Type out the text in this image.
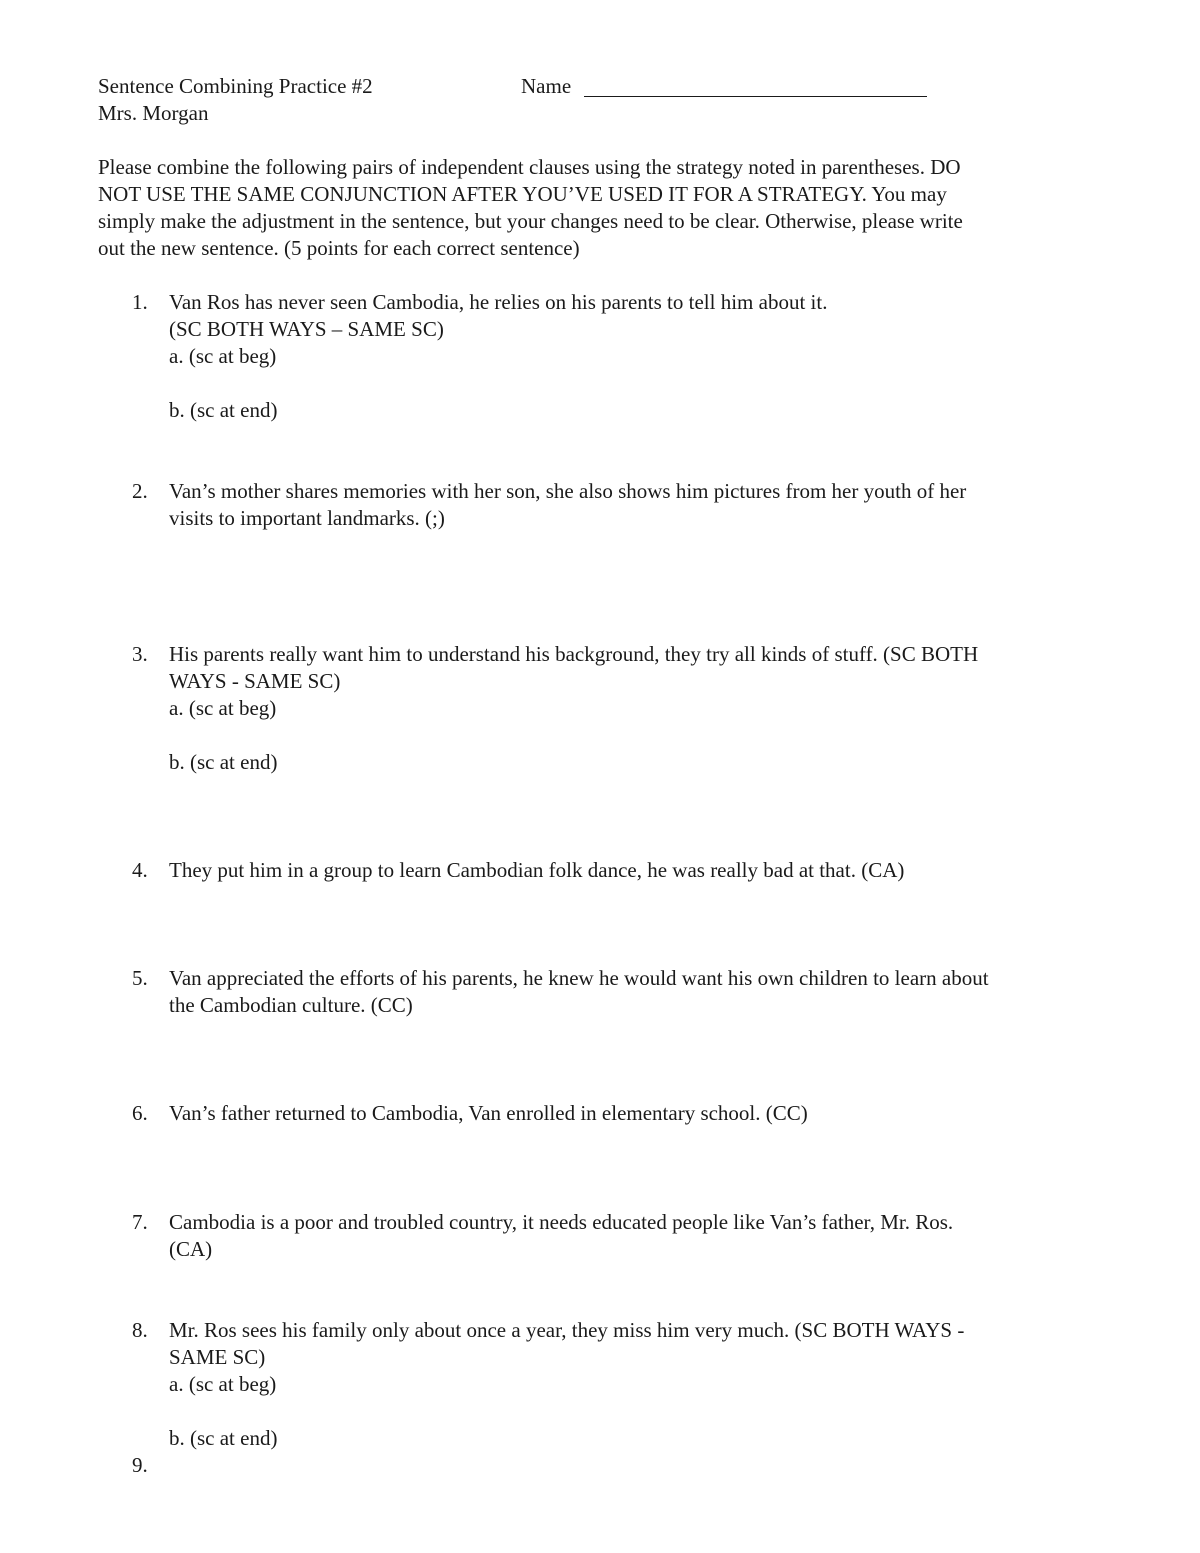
Sentence Combining Practice #2
Mrs. Morgan
Name
Please combine the following pairs of independent clauses using the strategy noted in parentheses. DO
NOT USE THE SAME CONJUNCTION AFTER YOU’VE USED IT FOR A STRATEGY. You may
simply make the adjustment in the sentence, but your changes need to be clear. Otherwise, please write
out the new sentence. (5 points for each correct sentence)
1.	Van Ros has never seen Cambodia, he relies on his parents to tell him about it.
(SC BOTH WAYS – SAME SC)
a. (sc at beg)
b. (sc at end)
2.	Van’s mother shares memories with her son, she also shows him pictures from her youth of her
visits to important landmarks. (;)
3.	His parents really want him to understand his background, they try all kinds of stuff. (SC BOTH
WAYS - SAME SC)
a. (sc at beg)
b. (sc at end)
4.	They put him in a group to learn Cambodian folk dance, he was really bad at that. (CA)
5.	Van appreciated the efforts of his parents, he knew he would want his own children to learn about
the Cambodian culture. (CC)
6.	Van’s father returned to Cambodia, Van enrolled in elementary school. (CC)
7.	Cambodia is a poor and troubled country, it needs educated people like Van’s father, Mr. Ros.
(CA)
8.	Mr. Ros sees his family only about once a year, they miss him very much. (SC BOTH WAYS -
SAME SC)
a. (sc at beg)
b. (sc at end)
9.
